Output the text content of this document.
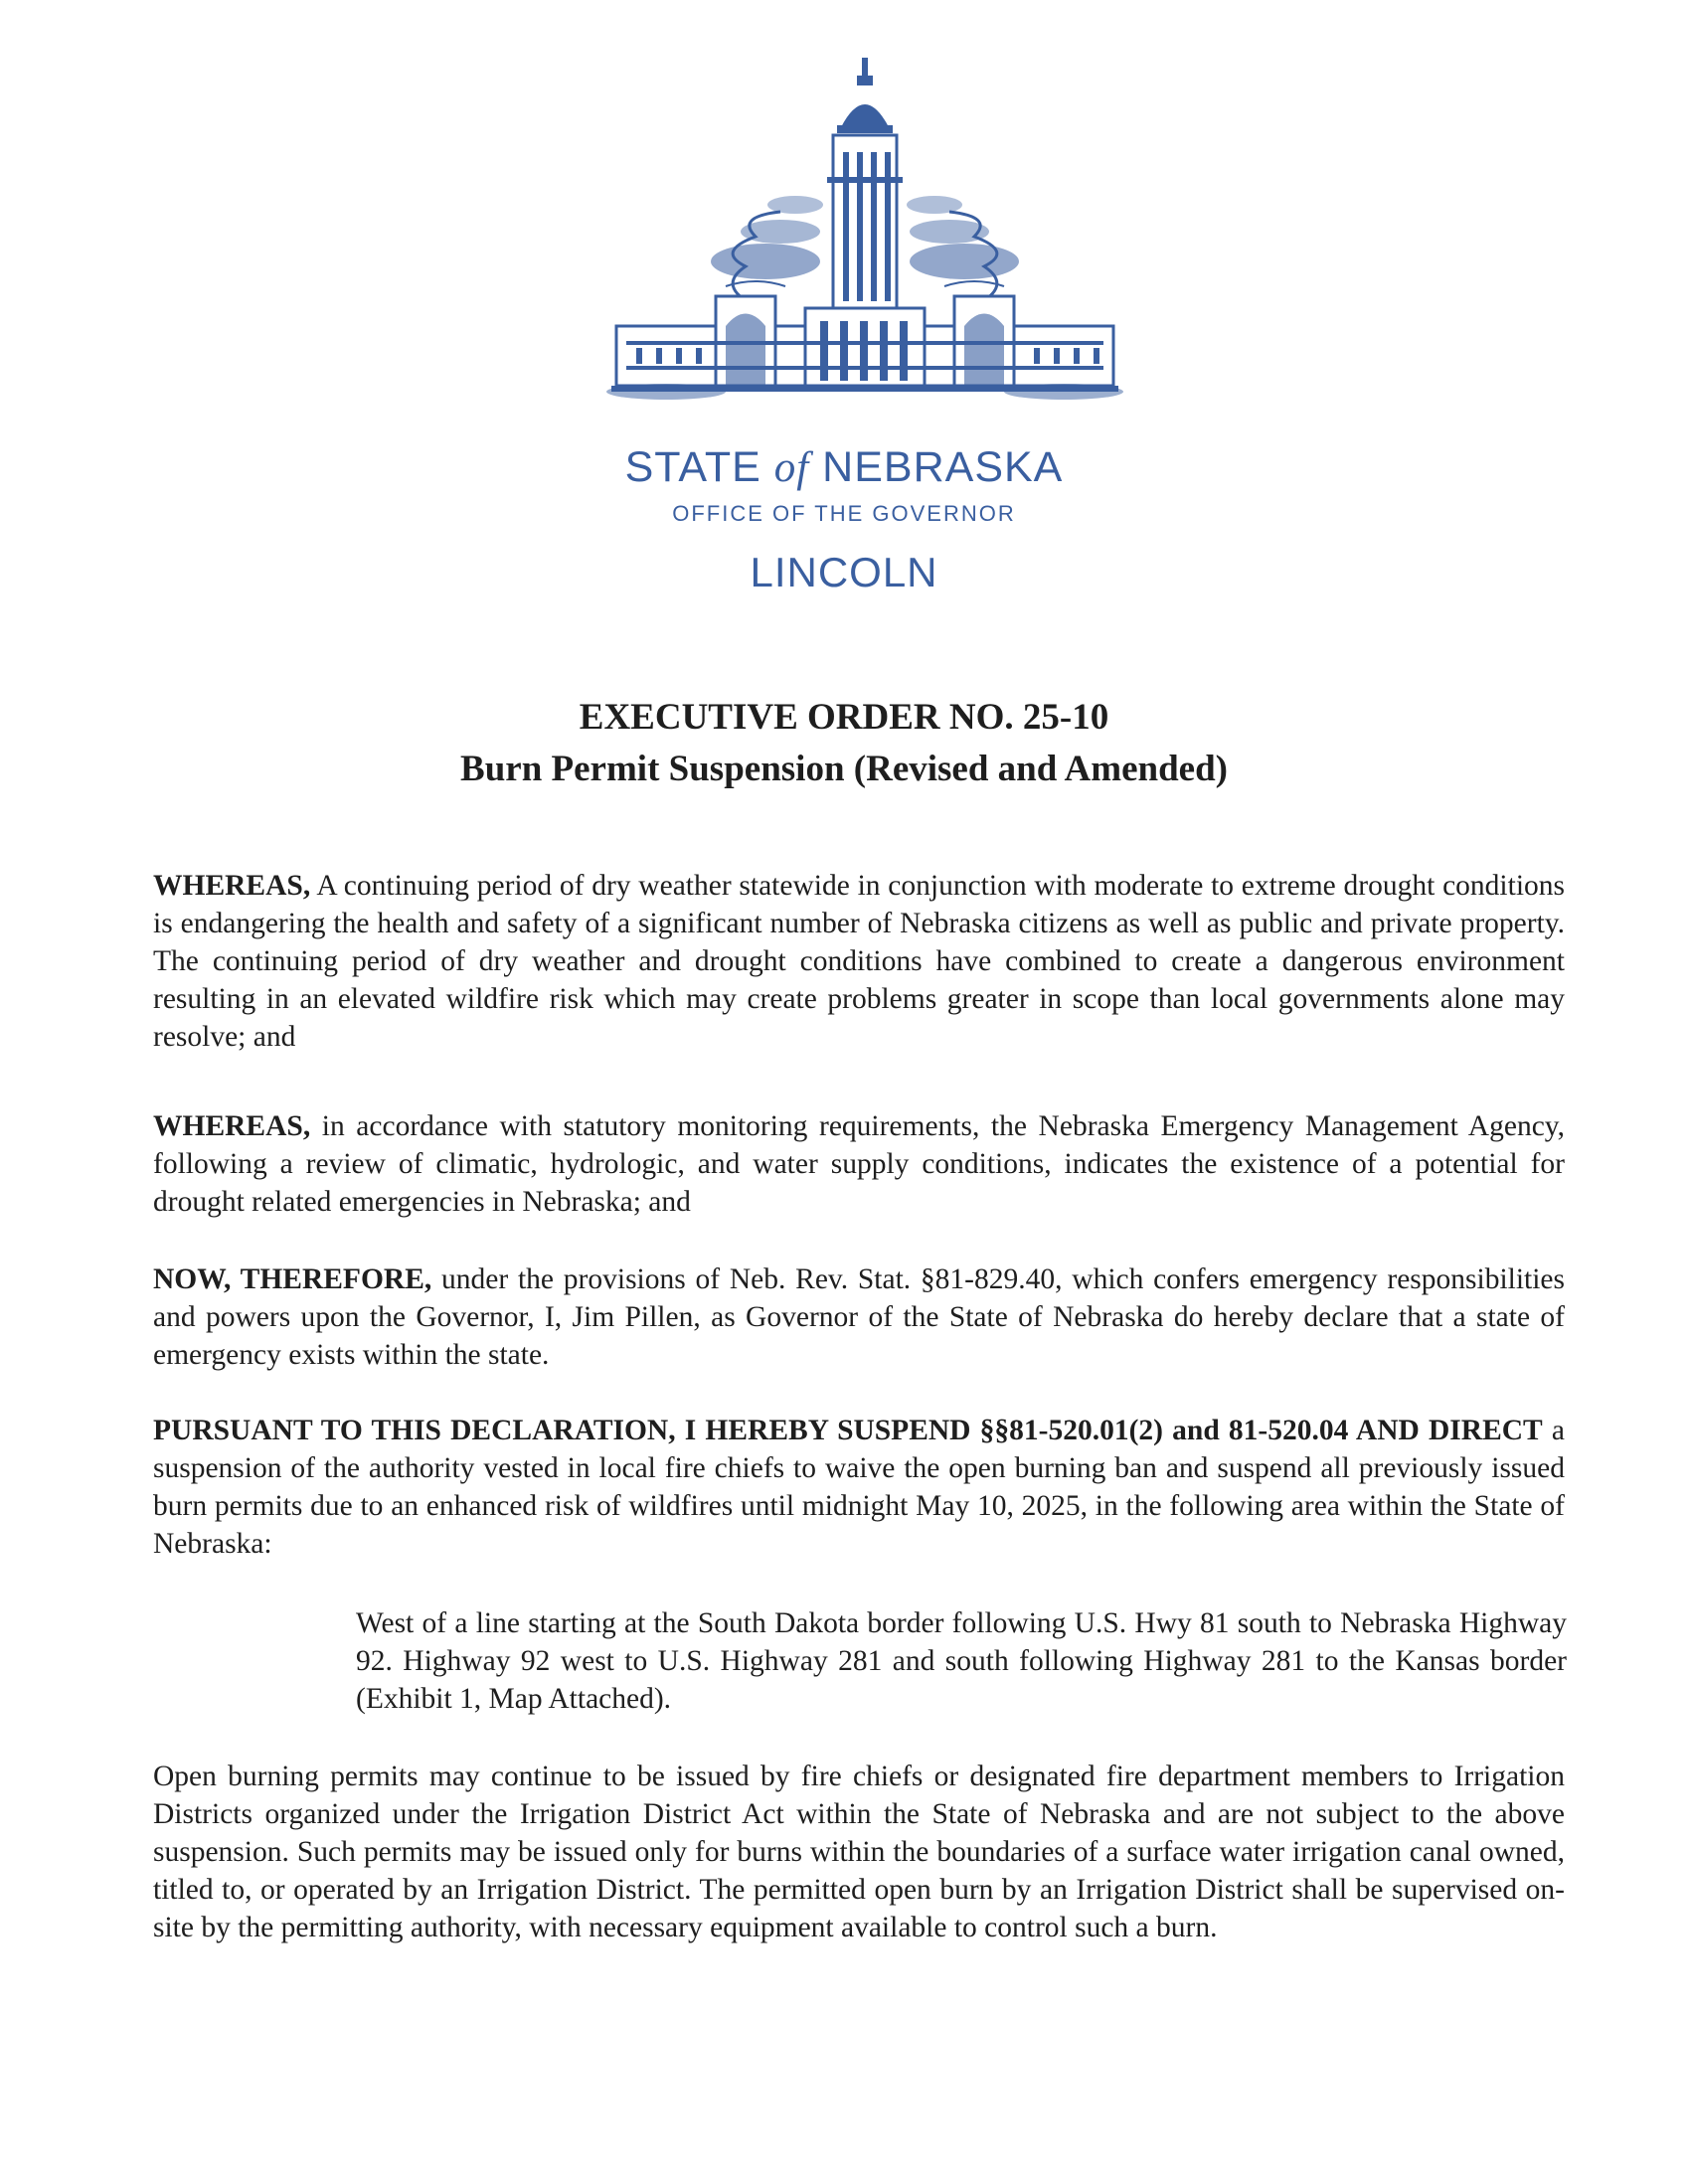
STATE of NEBRASKA
OFFICE OF THE GOVERNOR
LINCOLN
EXECUTIVE ORDER NO. 25-10
Burn Permit Suspension (Revised and Amended)

WHEREAS, A continuing period of dry weather statewide in conjunction with moderate to extreme drought conditions is endangering the health and safety of a significant number of Nebraska citizens as well as public and private property. The continuing period of dry weather and drought conditions have combined to create a dangerous environment resulting in an elevated wildfire risk which may create problems greater in scope than local governments alone may resolve; and

WHEREAS, in accordance with statutory monitoring requirements, the Nebraska Emergency Management Agency, following a review of climatic, hydrologic, and water supply conditions, indicates the existence of a potential for drought related emergencies in Nebraska; and

NOW, THEREFORE, under the provisions of Neb. Rev. Stat. §81-829.40, which confers emergency responsibilities and powers upon the Governor, I, Jim Pillen, as Governor of the State of Nebraska do hereby declare that a state of emergency exists within the state.

PURSUANT TO THIS DECLARATION, I HEREBY SUSPEND §§81-520.01(2) and 81-520.04 AND DIRECT a suspension of the authority vested in local fire chiefs to waive the open burning ban and suspend all previously issued burn permits due to an enhanced risk of wildfires until midnight May 10, 2025, in the following area within the State of Nebraska:

West of a line starting at the South Dakota border following U.S. Hwy 81 south to Nebraska Highway 92. Highway 92 west to U.S. Highway 281 and south following Highway 281 to the Kansas border (Exhibit 1, Map Attached).

Open burning permits may continue to be issued by fire chiefs or designated fire department members to Irrigation Districts organized under the Irrigation District Act within the State of Nebraska and are not subject to the above suspension. Such permits may be issued only for burns within the boundaries of a surface water irrigation canal owned, titled to, or operated by an Irrigation District. The permitted open burn by an Irrigation District shall be supervised on-site by the permitting authority, with necessary equipment available to control such a burn.
